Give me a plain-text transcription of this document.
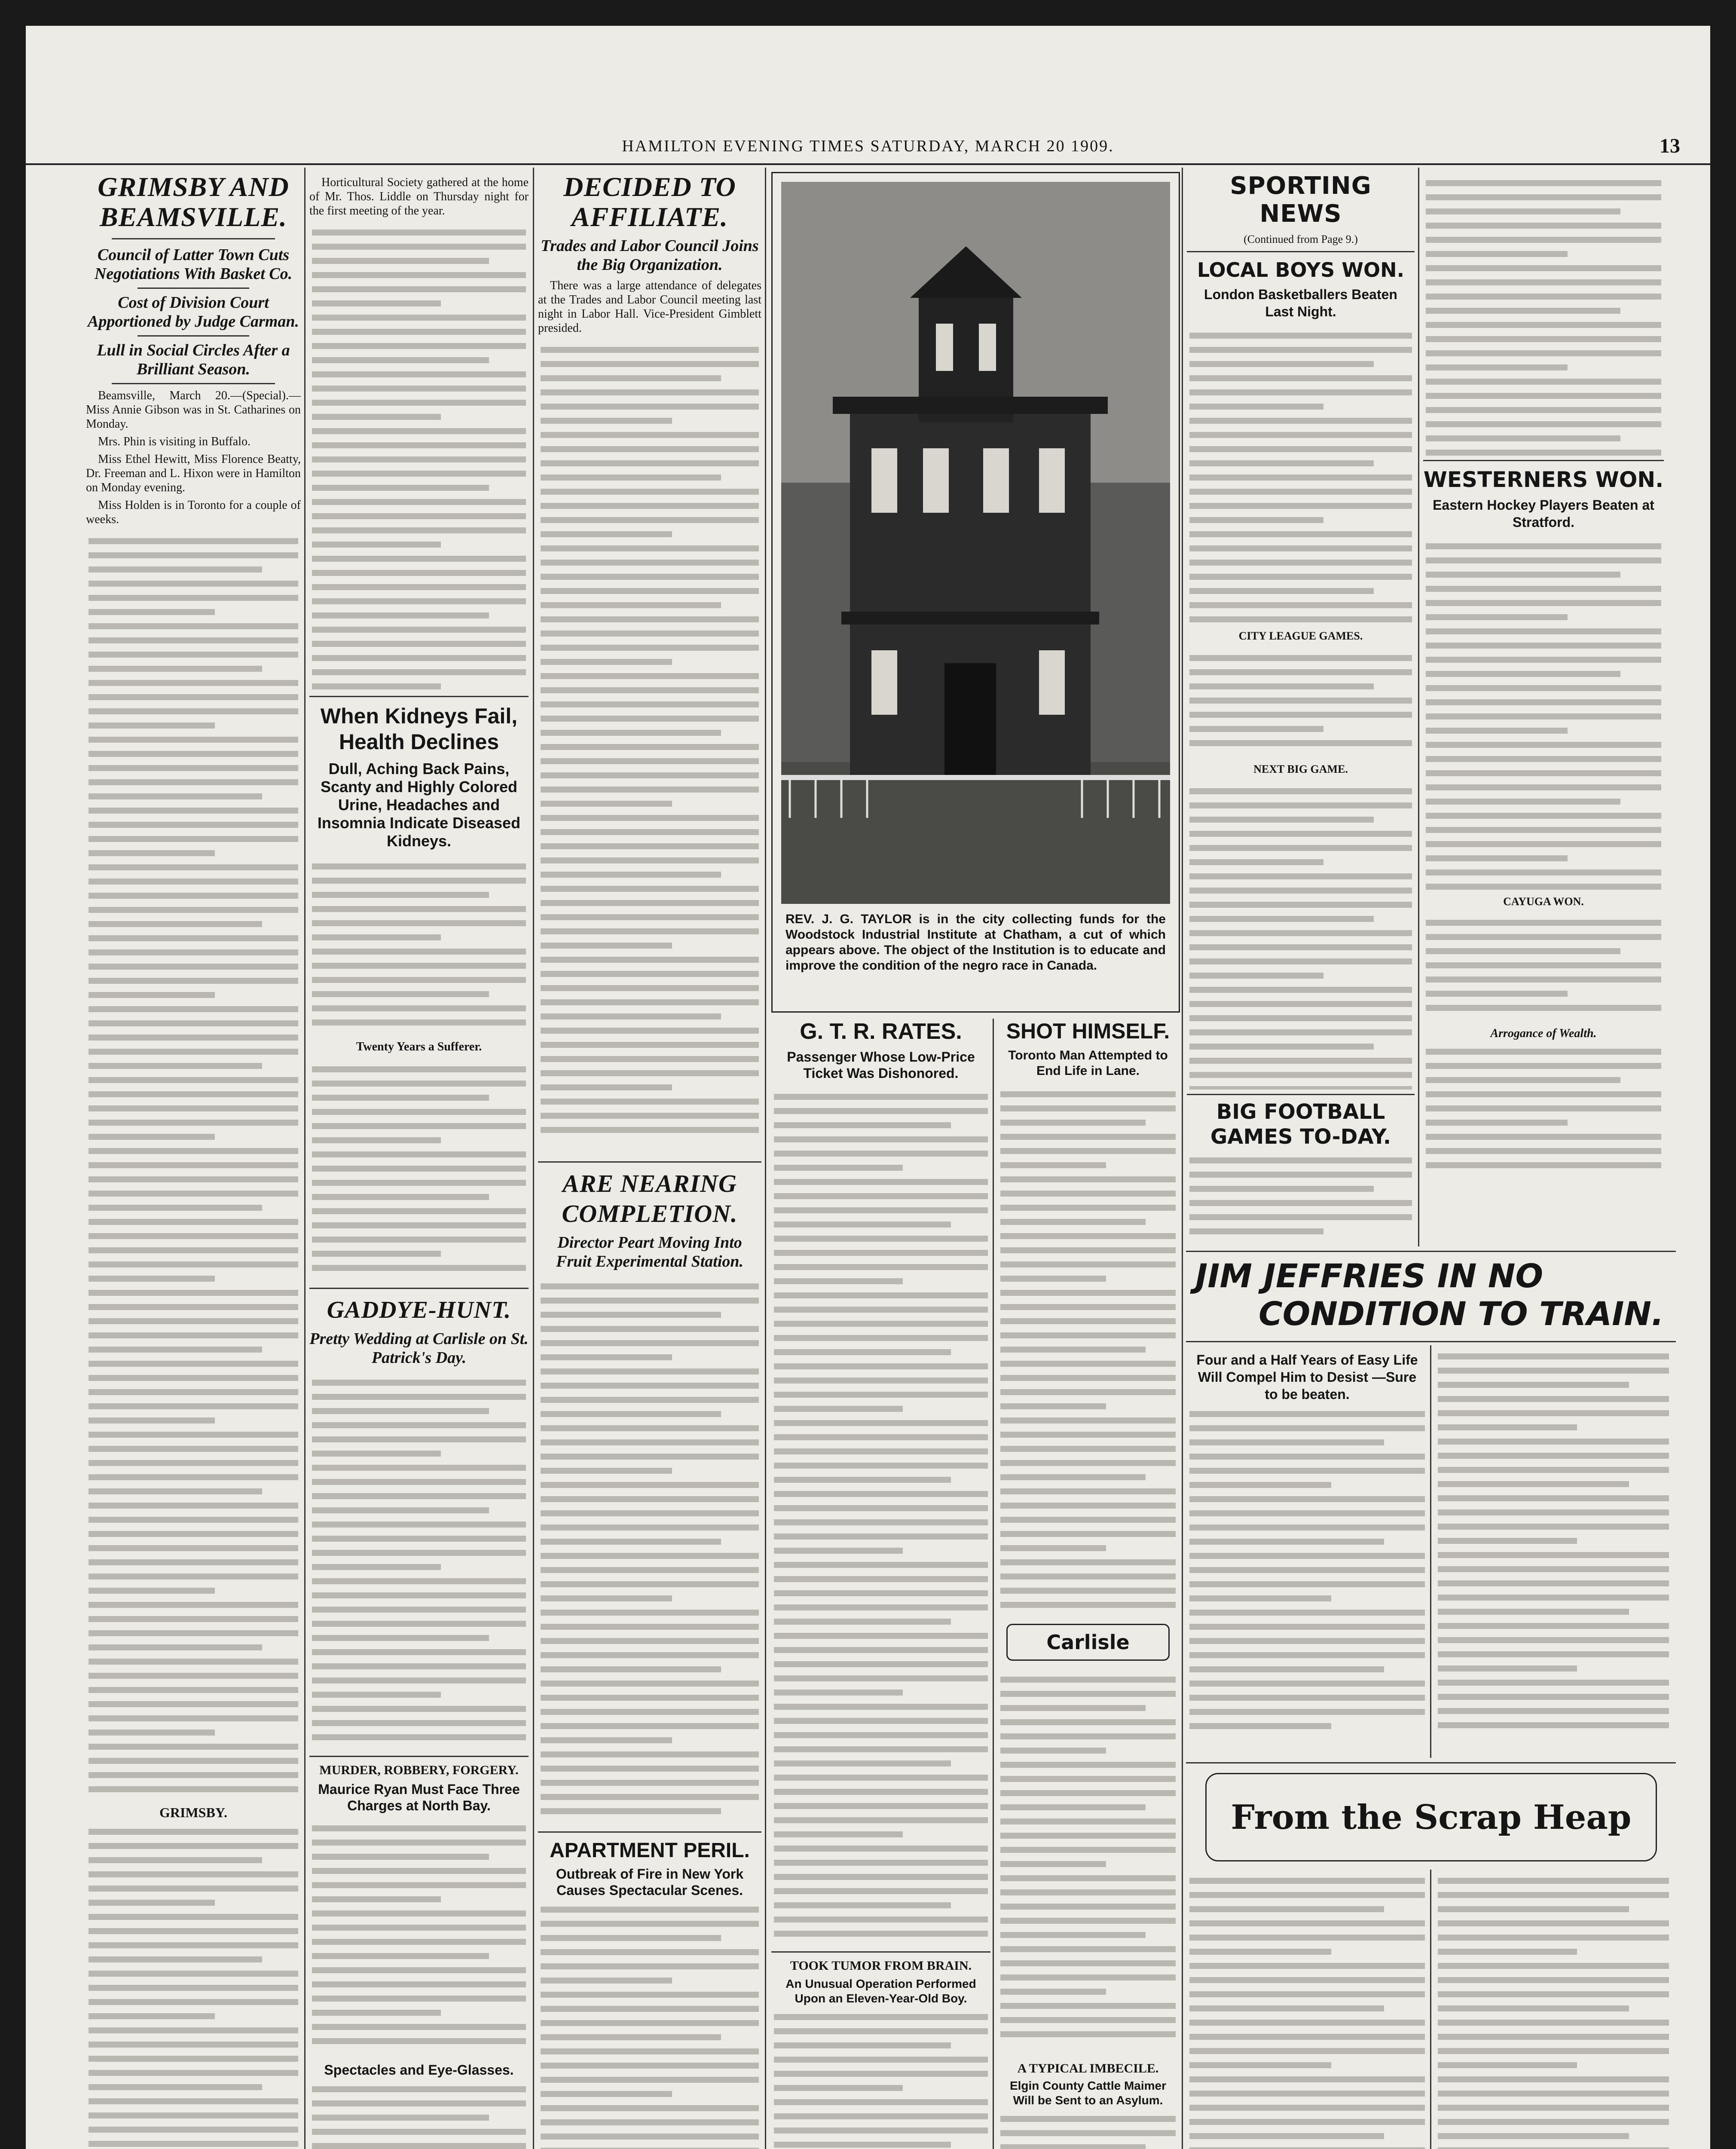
HAMILTON EVENING TIMES SATURDAY, MARCH 20 1909.	13
GRIMSBY AND BEAMSVILLE.
Council of Latter Town Cuts Negotiations With Basket Co.
Cost of Division Court Apportioned by Judge Carman.
Lull in Social Circles After a Brilliant Season.
Beamsville, March 20.—(Special).—Miss Annie Gibson was in St. Catharines on Monday.
Mrs. Phin is visiting in Buffalo.
Miss Ethel Hewitt, Miss Florence Beatty, Dr. Freeman and L. Hixon were in Hamilton on Monday evening.
Miss Holden is in Toronto for a couple of weeks.
GRIMSBY.
Horticultural Society gathered at the home of Mr. Thos. Liddle on Thursday night for the first meeting of the year.
When Kidneys Fail, Health Declines
Dull, Aching Back Pains, Scanty and Highly Colored Urine, Headaches and Insomnia Indicate Diseased Kidneys.
Twenty Years a Sufferer.
GADDYE-HUNT.
Pretty Wedding at Carlisle on St. Patrick's Day.
MURDER, ROBBERY, FORGERY.
Maurice Ryan Must Face Three Charges at North Bay.
Spectacles and Eye-Glasses.
DECIDED TO AFFILIATE.
Trades and Labor Council Joins the Big Organization.
There was a large attendance of delegates at the Trades and Labor Council meeting last night in Labor Hall. Vice-President Gimblett presided.
ARE NEARING COMPLETION.
Director Peart Moving Into Fruit Experimental Station.
APARTMENT PERIL.
Outbreak of Fire in New York Causes Spectacular Scenes.
REV. J. G. TAYLOR is in the city collecting funds for the Woodstock Industrial Institute at Chatham, a cut of which appears above. The object of the Institution is to educate and improve the condition of the negro race in Canada.
G. T. R. RATES.
Passenger Whose Low-Price Ticket Was Dishonored.
TOOK TUMOR FROM BRAIN.
An Unusual Operation Performed Upon an Eleven-Year-Old Boy.
SHOT HIMSELF.
Toronto Man Attempted to End Life in Lane.
Carlisle
A TYPICAL IMBECILE.
Elgin County Cattle Maimer Will be Sent to an Asylum.
SPORTING NEWS
(Continued from Page 9.)
LOCAL BOYS WON.
London Basketballers Beaten Last Night.
CITY LEAGUE GAMES.
NEXT BIG GAME.
BIG FOOTBALL GAMES TO-DAY.
WESTERNERS WON.
Eastern Hockey Players Beaten at Stratford.
CAYUGA WON.
Arrogance of Wealth.
JIM JEFFRIES IN NO
CONDITION TO TRAIN.
Four and a Half Years of Easy Life Will Compel Him to Desist —Sure to be beaten.
From the Scrap Heap
